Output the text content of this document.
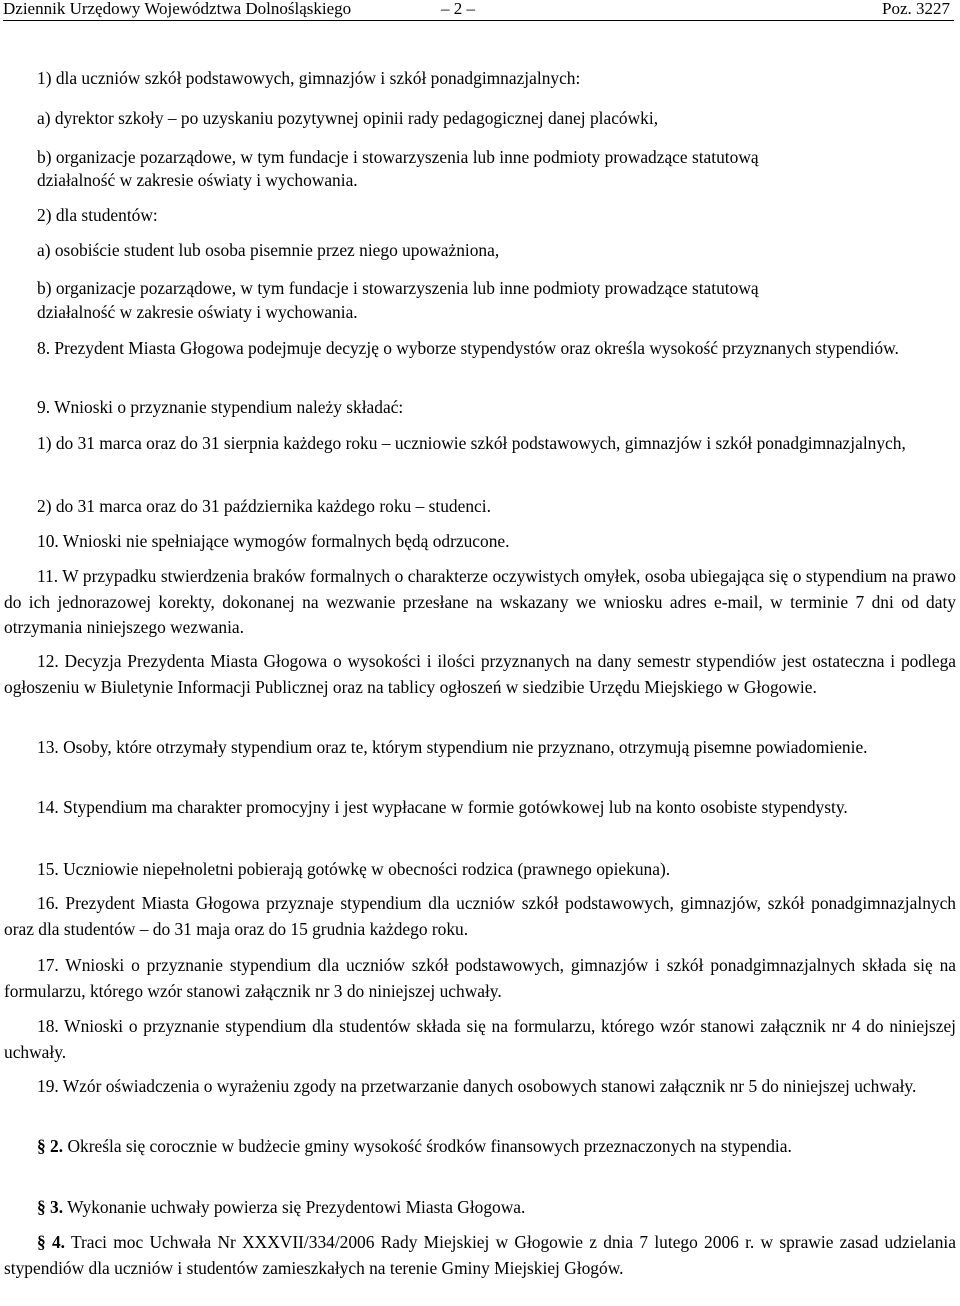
Dziennik Urzędowy Województwa Dolnośląskiego	– 2 –	Poz. 3227
1) dla uczniów szkół podstawowych, gimnazjów i szkół ponadgimnazjalnych:
a) dyrektor szkoły – po uzyskaniu pozytywnej opinii rady pedagogicznej danej placówki,
b) organizacje pozarządowe, w tym fundacje i stowarzyszenia lub inne podmioty prowadzące statutową
działalność w zakresie oświaty i wychowania.
2) dla studentów:
a) osobiście student lub osoba pisemnie przez niego upoważniona,
b) organizacje pozarządowe, w tym fundacje i stowarzyszenia lub inne podmioty prowadzące statutową
działalność w zakresie oświaty i wychowania.
8. Prezydent Miasta Głogowa podejmuje decyzję o wyborze stypendystów oraz określa wysokość przyznanych stypendiów.
9. Wnioski o przyznanie stypendium należy składać:
1) do 31 marca oraz do 31 sierpnia każdego roku – uczniowie szkół podstawowych, gimnazjów i szkół ponadgimnazjalnych,
2) do 31 marca oraz do 31 października każdego roku – studenci.
10. Wnioski nie spełniające wymogów formalnych będą odrzucone.
11. W przypadku stwierdzenia braków formalnych o charakterze oczywistych omyłek, osoba ubiegająca się o stypendium na prawo do ich jednorazowej korekty, dokonanej na wezwanie przesłane na wskazany we wniosku adres e-mail, w terminie 7 dni od daty otrzymania niniejszego wezwania.
12. Decyzja Prezydenta Miasta Głogowa o wysokości i ilości przyznanych na dany semestr stypendiów jest ostateczna i podlega ogłoszeniu w Biuletynie Informacji Publicznej oraz na tablicy ogłoszeń w siedzibie Urzędu Miejskiego w Głogowie.
13. Osoby, które otrzymały stypendium oraz te, którym stypendium nie przyznano, otrzymują pisemne powiadomienie.
14. Stypendium ma charakter promocyjny i jest wypłacane w formie gotówkowej lub na konto osobiste stypendysty.
15. Uczniowie niepełnoletni pobierają gotówkę w obecności rodzica (prawnego opiekuna).
16. Prezydent Miasta Głogowa przyznaje stypendium dla uczniów szkół podstawowych, gimnazjów, szkół ponadgimnazjalnych oraz dla studentów – do 31 maja oraz do 15 grudnia każdego roku.
17. Wnioski o przyznanie stypendium dla uczniów szkół podstawowych, gimnazjów i szkół ponadgimnazjalnych składa się na formularzu, którego wzór stanowi załącznik nr 3 do niniejszej uchwały.
18. Wnioski o przyznanie stypendium dla studentów składa się na formularzu, którego wzór stanowi załącznik nr 4 do niniejszej uchwały.
19. Wzór oświadczenia o wyrażeniu zgody na przetwarzanie danych osobowych stanowi załącznik nr 5 do niniejszej uchwały.
§ 2. Określa się corocznie w budżecie gminy wysokość środków finansowych przeznaczonych na stypendia.
§ 3. Wykonanie uchwały powierza się Prezydentowi Miasta Głogowa.
§ 4. Traci moc Uchwała Nr XXXVII/334/2006 Rady Miejskiej w Głogowie z dnia 7 lutego 2006 r. w sprawie zasad udzielania stypendiów dla uczniów i studentów zamieszkałych na terenie Gminy Miejskiej Głogów.
